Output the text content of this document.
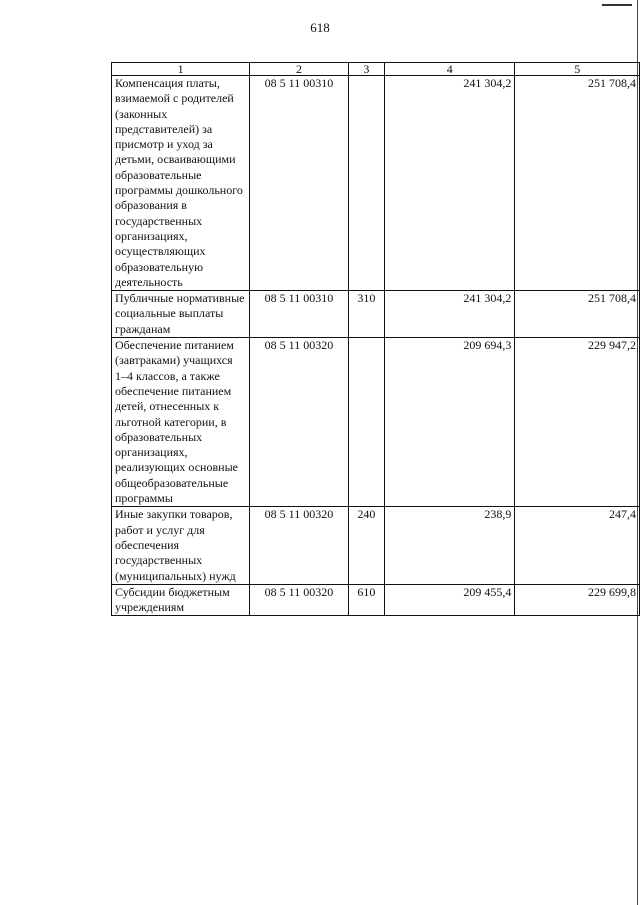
618
1	2	3	4	5
Компенсация платы, взимаемой с родителей (законных представителей) за присмотр и уход за детьми, осваивающими образовательные программы дошкольного образования в государственных организациях, осуществляющих образовательную деятельность	08 5 11 00310		241 304,2	251 708,4
Публичные нормативные социальные выплаты гражданам	08 5 11 00310	310	241 304,2	251 708,4
Обеспечение питанием (завтраками) учащихся 1–4 классов, а также обеспечение питанием детей, отнесенных к льготной категории, в образовательных организациях, реализующих основные общеобразовательные программы	08 5 11 00320		209 694,3	229 947,2
Иные закупки товаров, работ и услуг для обеспечения государственных (муниципальных) нужд	08 5 11 00320	240	238,9	247,4
Субсидии бюджетным учреждениям	08 5 11 00320	610	209 455,4	229 699,8
